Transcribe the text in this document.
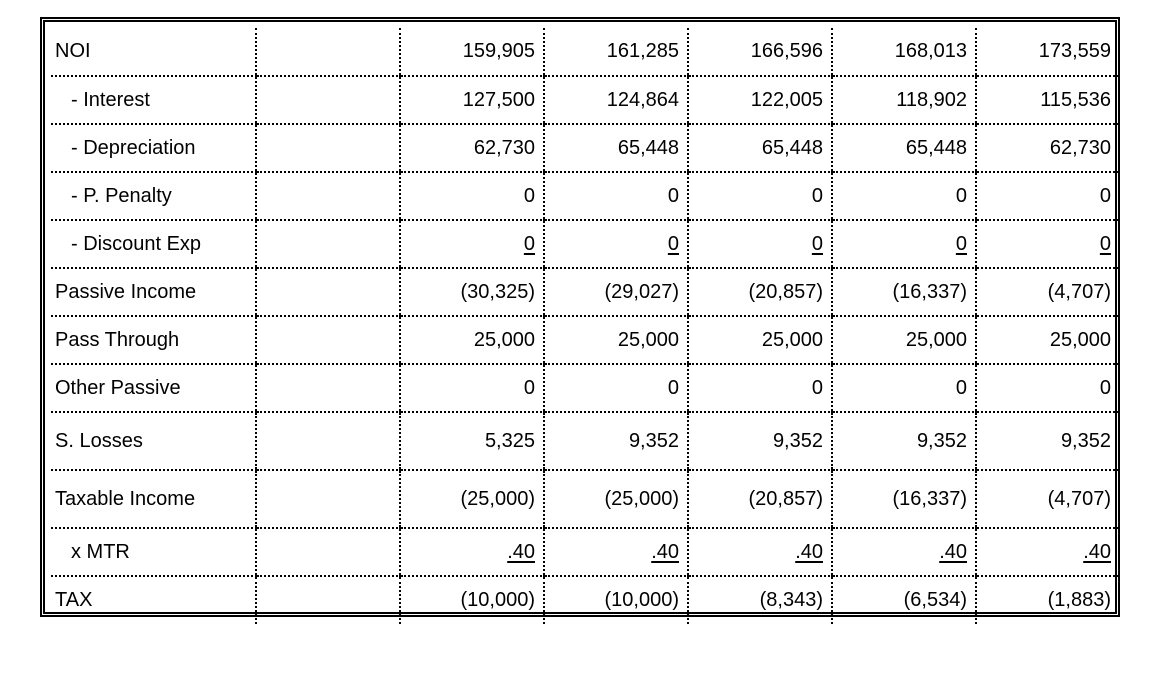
NOI		159,905	161,285	166,596	168,013	173,559
- Interest		127,500	124,864	122,005	118,902	115,536
- Depreciation		62,730	65,448	65,448	65,448	62,730
- P. Penalty		0	0	0	0	0
- Discount Exp		0	0	0	0	0
Passive Income		(30,325)	(29,027)	(20,857)	(16,337)	(4,707)
Pass Through		25,000	25,000	25,000	25,000	25,000
Other Passive		0	0	0	0	0
S. Losses		5,325	9,352	9,352	9,352	9,352
Taxable Income		(25,000)	(25,000)	(20,857)	(16,337)	(4,707)
x MTR		.40	.40	.40	.40	.40
TAX		(10,000)	(10,000)	(8,343)	(6,534)	(1,883)
